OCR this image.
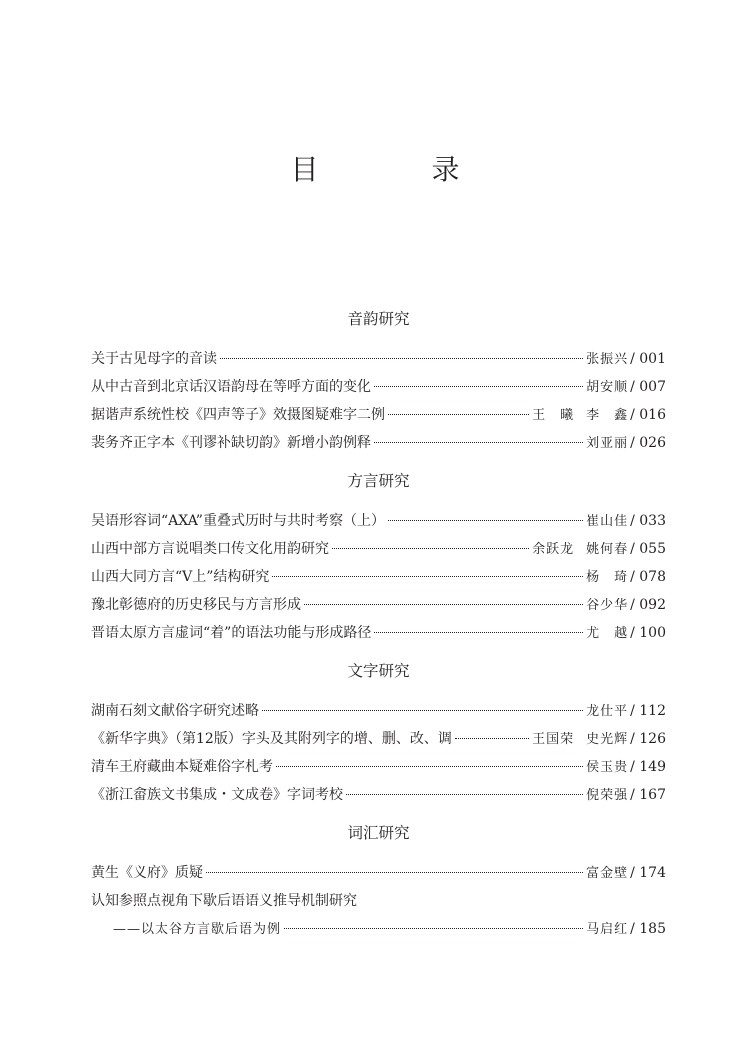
目 录
音韵研究
关于古见母字的音读	张振兴 / 001
从中古音到北京话汉语韵母在等呼方面的变化	胡安顺 / 007
据谐声系统性校《四声等子》效摄图疑难字二例	王　曦 李　鑫 / 016
裴务齐正字本《刊谬补缺切韵》新增小韵例释	刘亚丽 / 026
方言研究
吴语形容词“AXA”重叠式历时与共时考察（上）	崔山佳 / 033
山西中部方言说唱类口传文化用韵研究	余跃龙 姚何春 / 055
山西大同方言“V上”结构研究	杨　琦 / 078
豫北彰德府的历史移民与方言形成	谷少华 / 092
晋语太原方言虚词“着”的语法功能与形成路径	尤　越 / 100
文字研究
湖南石刻文献俗字研究述略	龙仕平 / 112
《新华字典》（第12版）字头及其附列字的增、删、改、调	王国荣 史光辉 / 126
清车王府藏曲本疑难俗字札考	侯玉贵 / 149
《浙江畲族文书集成・文成卷》字词考校	倪荣强 / 167
词汇研究
黄生《义府》质疑	富金壁 / 174
认知参照点视角下歇后语语义推导机制研究
——以太谷方言歇后语为例	马启红 / 185
